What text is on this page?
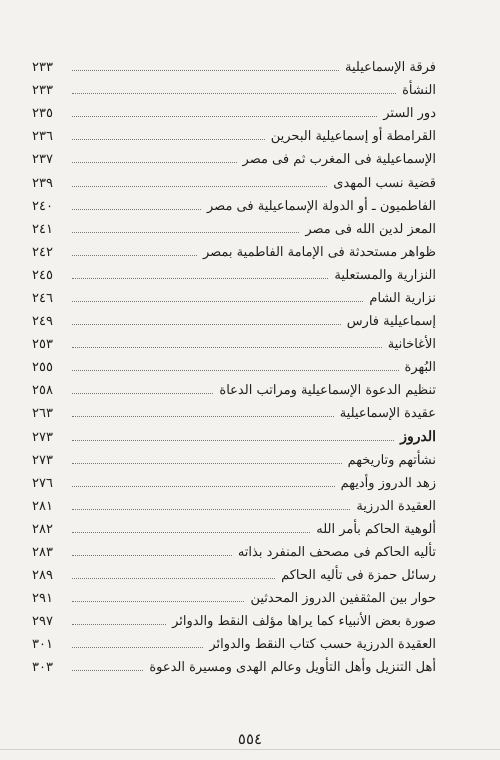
فرقة الإسماعيلية
٢٣٣
النشأة
٢٣٣
دور الستر
٢٣٥
القرامطة أو إسماعيلية البحرين
٢٣٦
الإسماعيلية فى المغرب ثم فى مصر
٢٣٧
قضية نسب المهدى
٢٣٩
الفاطميون ـ أو الدولة الإسماعيلية فى مصر
٢٤٠
المعز لدين الله فى مصر
٢٤١
ظواهر مستحدثة فى الإمامة الفاطمية بمصر
٢٤٢
النزارية والمستعلية
٢٤٥
نزارية الشام
٢٤٦
إسماعيلية فارس
٢٤٩
الأغاخانية
٢٥٣
البُهرة
٢٥٥
تنظيم الدعوة الإسماعيلية ومراتب الدعاة
٢٥٨
عقيدة الإسماعيلية
٢٦٣
الدروز
٢٧٣
نشأتهم وتاريخهم
٢٧٣
زهد الدروز وأديهم
٢٧٦
العقيدة الدرزية
٢٨١
ألوهية الحاكم بأمر الله
٢٨٢
تأليه الحاكم فى مصحف المنفرد بذاته
٢٨٣
رسائل حمزة فى تأليه الحاكم
٢٨٩
حوار بين المثقفين الدروز المحدثين
٢٩١
صورة بعض الأنبياء كما يراها مؤلف النقط والدوائر
٢٩٧
العقيدة الدرزية حسب كتاب النقط والدوائر
٣٠١
أهل التنزيل وأهل التأويل وعالم الهدى ومسيرة الدعوة
٣٠٣
٥٥٤
